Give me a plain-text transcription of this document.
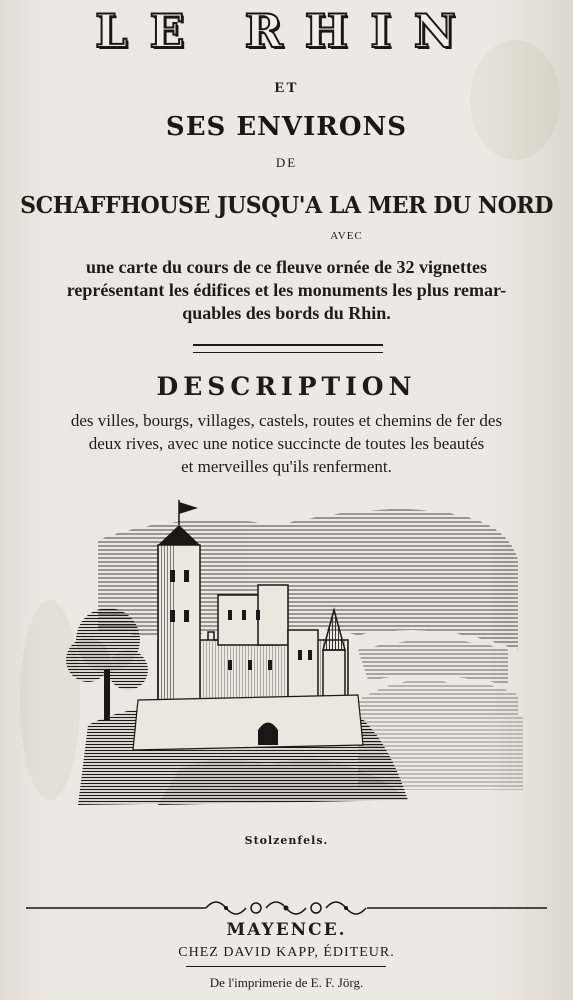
LE RHIN
ET
SES ENVIRONS
DE
SCHAFFHOUSE JUSQU'A LA MER DU NORD
AVEC
une carte du cours de ce fleuve ornée de 32 vignettes
représentant les édifices et les monuments les plus remar-
quables des bords du Rhin.
DESCRIPTION
des villes, bourgs, villages, castels, routes et chemins de fer des
deux rives, avec une notice succincte de toutes les beautés
et merveilles qu'ils renferment.
Stolzenfels.
MAYENCE.
CHEZ DAVID KAPP, ÉDITEUR.
De l'imprimerie de E. F. Jörg.
